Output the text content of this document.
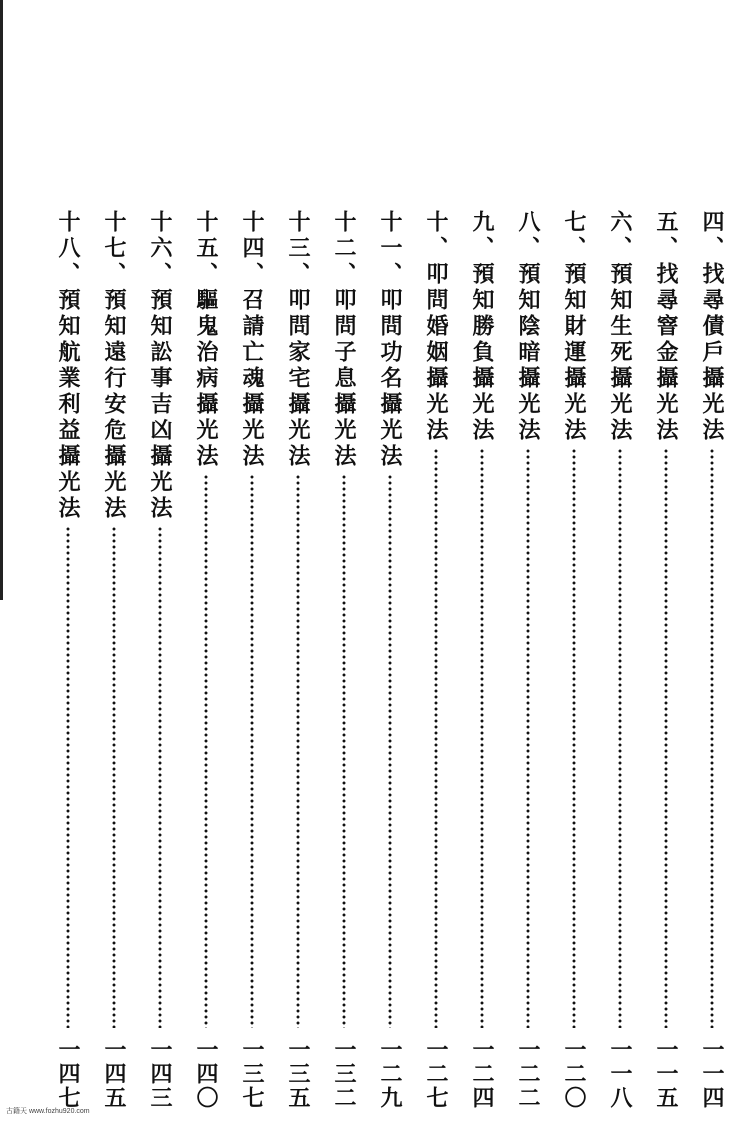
四、找尋債戶攝光法
一一四
五、找尋窨金攝光法
一一五
六、預知生死攝光法
一一八
七、預知財運攝光法
一二〇
八、預知陰暗攝光法
一二二
九、預知勝負攝光法
一二四
十、叩問婚姻攝光法
一二七
十一、叩問功名攝光法
一二九
十二、叩問子息攝光法
一三二
十三、叩問家宅攝光法
一三五
十四、召請亡魂攝光法
一三七
十五、驅鬼治病攝光法
一四〇
十六、預知訟事吉凶攝光法
一四三
十七、預知遠行安危攝光法
一四五
十八、預知航業利益攝光法
一四七
古籍天 www.fozhu920.com
